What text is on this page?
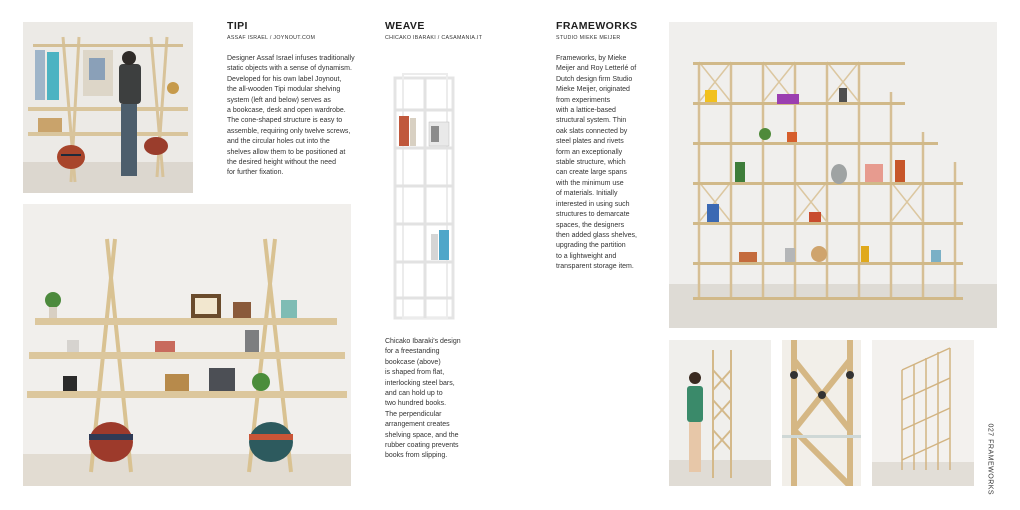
TIPI
ASSAF ISRAEL / JOYNOUT.COM
Designer Assaf Israel infuses traditionally
static objects with a sense of dynamism.
Developed for his own label Joynout,
the all-wooden Tipi modular shelving
system (left and below) serves as
a bookcase, desk and open wardrobe.
The cone-shaped structure is easy to
assemble, requiring only twelve screws,
and the circular holes cut into the
shelves allow them to be positioned at
the desired height without the need
for further fixation.
WEAVE
CHICAKO IBARAKI / CASAMANIA.IT
Chicako Ibaraki's design
for a freestanding
bookcase (above)
is shaped from flat,
interlocking steel bars,
and can hold up to
two hundred books.
The perpendicular
arrangement creates
shelving space, and the
rubber coating prevents
books from slipping.
FRAMEWORKS
STUDIO MIEKE MEIJER
Frameworks, by Mieke
Meijer and Roy Letterlé of
Dutch design firm Studio
Mieke Meijer, originated
from experiments
with a lattice-based
structural system. Thin
oak slats connected by
steel plates and rivets
form an exceptionally
stable structure, which
can create large spans
with the minimum use
of materials. Initially
interested in using such
structures to demarcate
spaces, the designers
then added glass shelves,
upgrading the partition
to a lightweight and
transparent storage item.
027 FRAMEWORKS
